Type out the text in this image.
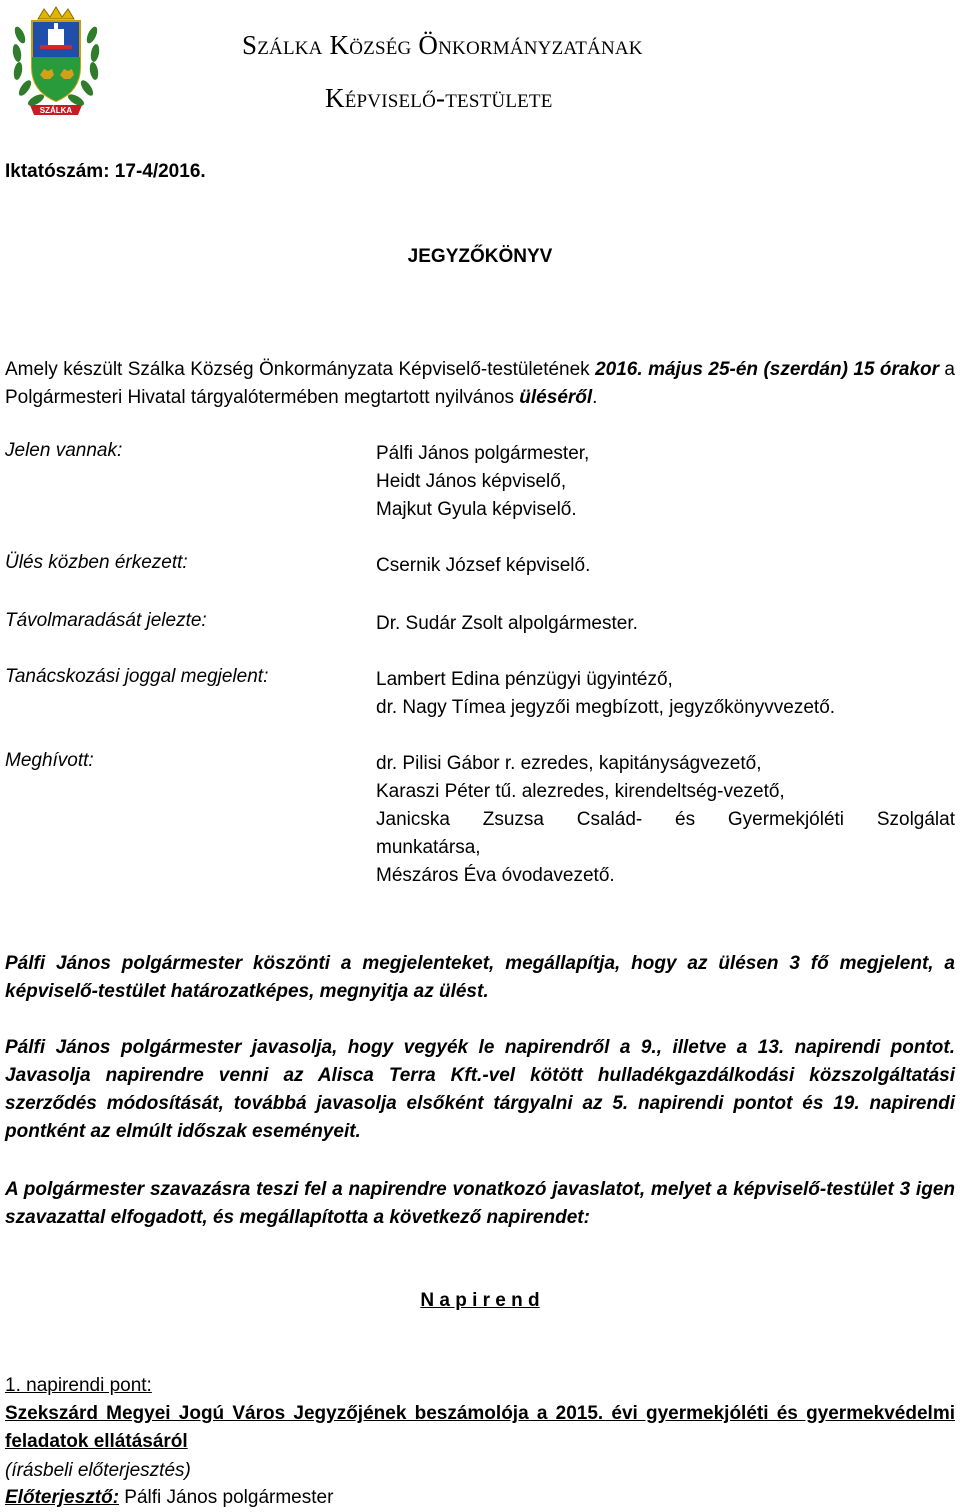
SZÁLKA
Szálka Község Önkormányzatának
Képviselő-testülete
Iktatószám: 17-4/2016.
JEGYZŐKÖNYV
Amely készült Szálka Község Önkormányzata Képviselő-testületének 2016. május 25-én (szerdán) 15 órakor a Polgármesteri Hivatal tárgyalótermében megtartott nyilvános üléséről.
Jelen vannak:
Ülés közben érkezett:
Távolmaradását jelezte:
Tanácskozási joggal megjelent:
Meghívott:
Pálfi János polgármester,
Heidt János képviselő,
Majkut Gyula képviselő.
Csernik József képviselő.
Dr. Sudár Zsolt alpolgármester.
Lambert Edina pénzügyi ügyintéző,
dr. Nagy Tímea jegyzői megbízott, jegyzőkönyvvezető.
dr. Pilisi Gábor r. ezredes, kapitányságvezető,
Karaszi Péter tű. alezredes, kirendeltség-vezető,
Janicska Zsuzsa Család- és Gyermekjóléti Szolgálat
munkatársa,
Mészáros Éva óvodavezető.
Pálfi János polgármester köszönti a megjelenteket, megállapítja, hogy az ülésen 3 fő megjelent, a képviselő-testület határozatképes, megnyitja az ülést.
Pálfi János polgármester javasolja, hogy vegyék le napirendről a 9., illetve a 13. napirendi pontot. Javasolja napirendre venni az Alisca Terra Kft.-vel kötött hulladékgazdálkodási közszolgáltatási szerződés módosítását, továbbá javasolja elsőként tárgyalni az 5. napirendi pontot és 19. napirendi pontként az elmúlt időszak eseményeit.
A polgármester szavazásra teszi fel a napirendre vonatkozó javaslatot, melyet a képviselő-testület 3 igen szavazattal elfogadott, és megállapította a következő napirendet:
N a p i r e n d
1. napirendi pont:
Szekszárd Megyei Jogú Város Jegyzőjének beszámolója a 2015. évi gyermekjóléti és gyermekvédelmi feladatok ellátásáról
(írásbeli előterjesztés)
Előterjesztő: Pálfi János polgármester
